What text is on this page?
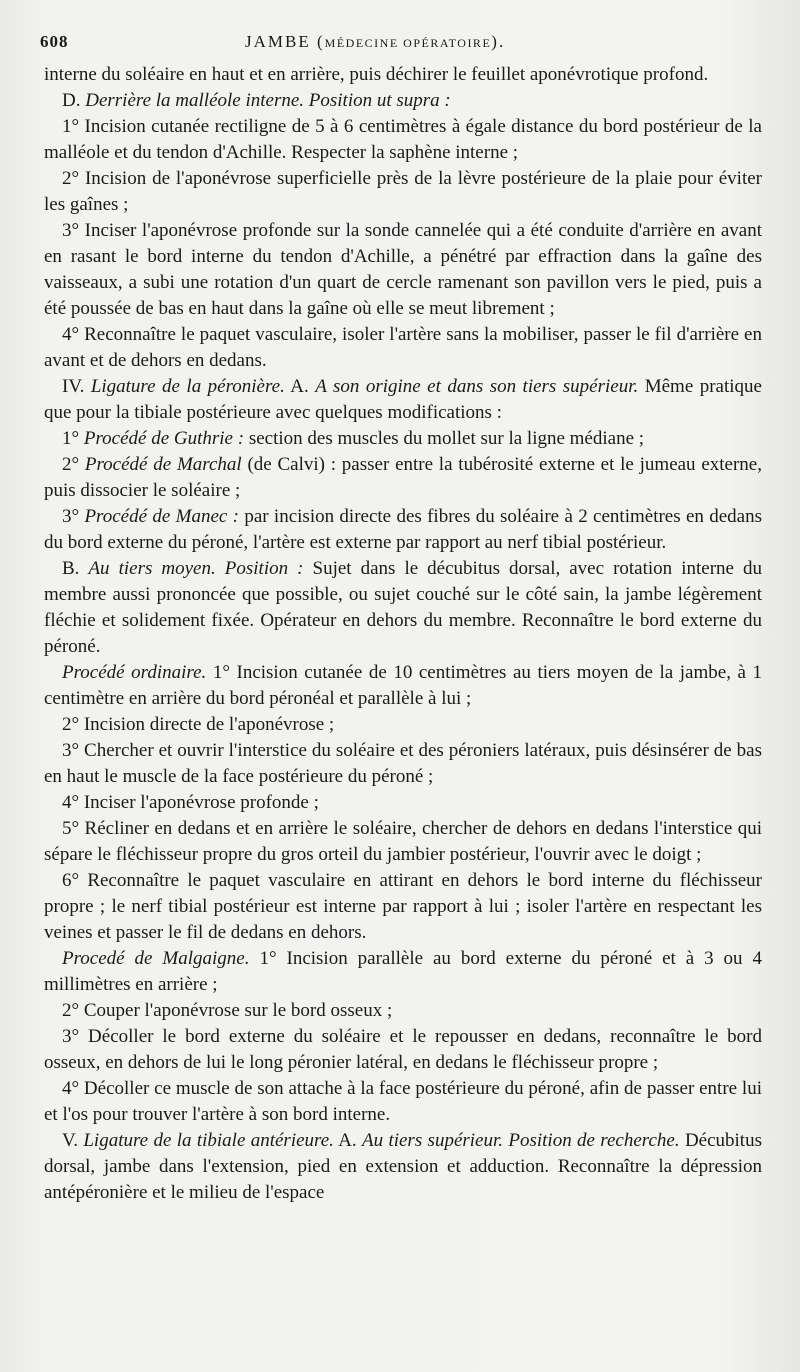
608	JAMBE (MÉDECINE OPÉRATOIRE).

interne du soléaire en haut et en arrière, puis déchirer le feuillet aponévrotique profond.

D. Derrière la malléole interne. Position ut supra :

1° Incision cutanée rectiligne de 5 à 6 centimètres à égale distance du bord postérieur de la malléole et du tendon d'Achille. Respecter la saphène interne ;

2° Incision de l'aponévrose superficielle près de la lèvre postérieure de la plaie pour éviter les gaînes ;

3° Inciser l'aponévrose profonde sur la sonde cannelée qui a été conduite d'arrière en avant en rasant le bord interne du tendon d'Achille, a pénétré par effraction dans la gaîne des vaisseaux, a subi une rotation d'un quart de cercle ramenant son pavillon vers le pied, puis a été poussée de bas en haut dans la gaîne où elle se meut librement ;

4° Reconnaître le paquet vasculaire, isoler l'artère sans la mobiliser, passer le fil d'arrière en avant et de dehors en dedans.

IV. Ligature de la péronière. A. A son origine et dans son tiers supérieur. Même pratique que pour la tibiale postérieure avec quelques modifications :

1° Procédé de Guthrie : section des muscles du mollet sur la ligne médiane ;

2° Procédé de Marchal (de Calvi) : passer entre la tubérosité externe et le jumeau externe, puis dissocier le soléaire ;

3° Procédé de Manec : par incision directe des fibres du soléaire à 2 centimètres en dedans du bord externe du péroné, l'artère est externe par rapport au nerf tibial postérieur.

B. Au tiers moyen. Position : Sujet dans le décubitus dorsal, avec rotation interne du membre aussi prononcée que possible, ou sujet couché sur le côté sain, la jambe légèrement fléchie et solidement fixée. Opérateur en dehors du membre. Reconnaître le bord externe du péroné.

Procédé ordinaire. 1° Incision cutanée de 10 centimètres au tiers moyen de la jambe, à 1 centimètre en arrière du bord péronéal et parallèle à lui ;

2° Incision directe de l'aponévrose ;

3° Chercher et ouvrir l'interstice du soléaire et des péroniers latéraux, puis désinsérer de bas en haut le muscle de la face postérieure du péroné ;

4° Inciser l'aponévrose profonde ;

5° Récliner en dedans et en arrière le soléaire, chercher de dehors en dedans l'interstice qui sépare le fléchisseur propre du gros orteil du jambier postérieur, l'ouvrir avec le doigt ;

6° Reconnaître le paquet vasculaire en attirant en dehors le bord interne du fléchisseur propre ; le nerf tibial postérieur est interne par rapport à lui ; isoler l'artère en respectant les veines et passer le fil de dedans en dehors.

Procedé de Malgaigne. 1° Incision parallèle au bord externe du péroné et à 3 ou 4 millimètres en arrière ;

2° Couper l'aponévrose sur le bord osseux ;

3° Décoller le bord externe du soléaire et le repousser en dedans, reconnaître le bord osseux, en dehors de lui le long péronier latéral, en dedans le fléchisseur propre ;

4° Décoller ce muscle de son attache à la face postérieure du péroné, afin de passer entre lui et l'os pour trouver l'artère à son bord interne.

V. Ligature de la tibiale antérieure. A. Au tiers supérieur. Position de recherche. Décubitus dorsal, jambe dans l'extension, pied en extension et adduction. Reconnaître la dépression antépéronière et le milieu de l'espace
